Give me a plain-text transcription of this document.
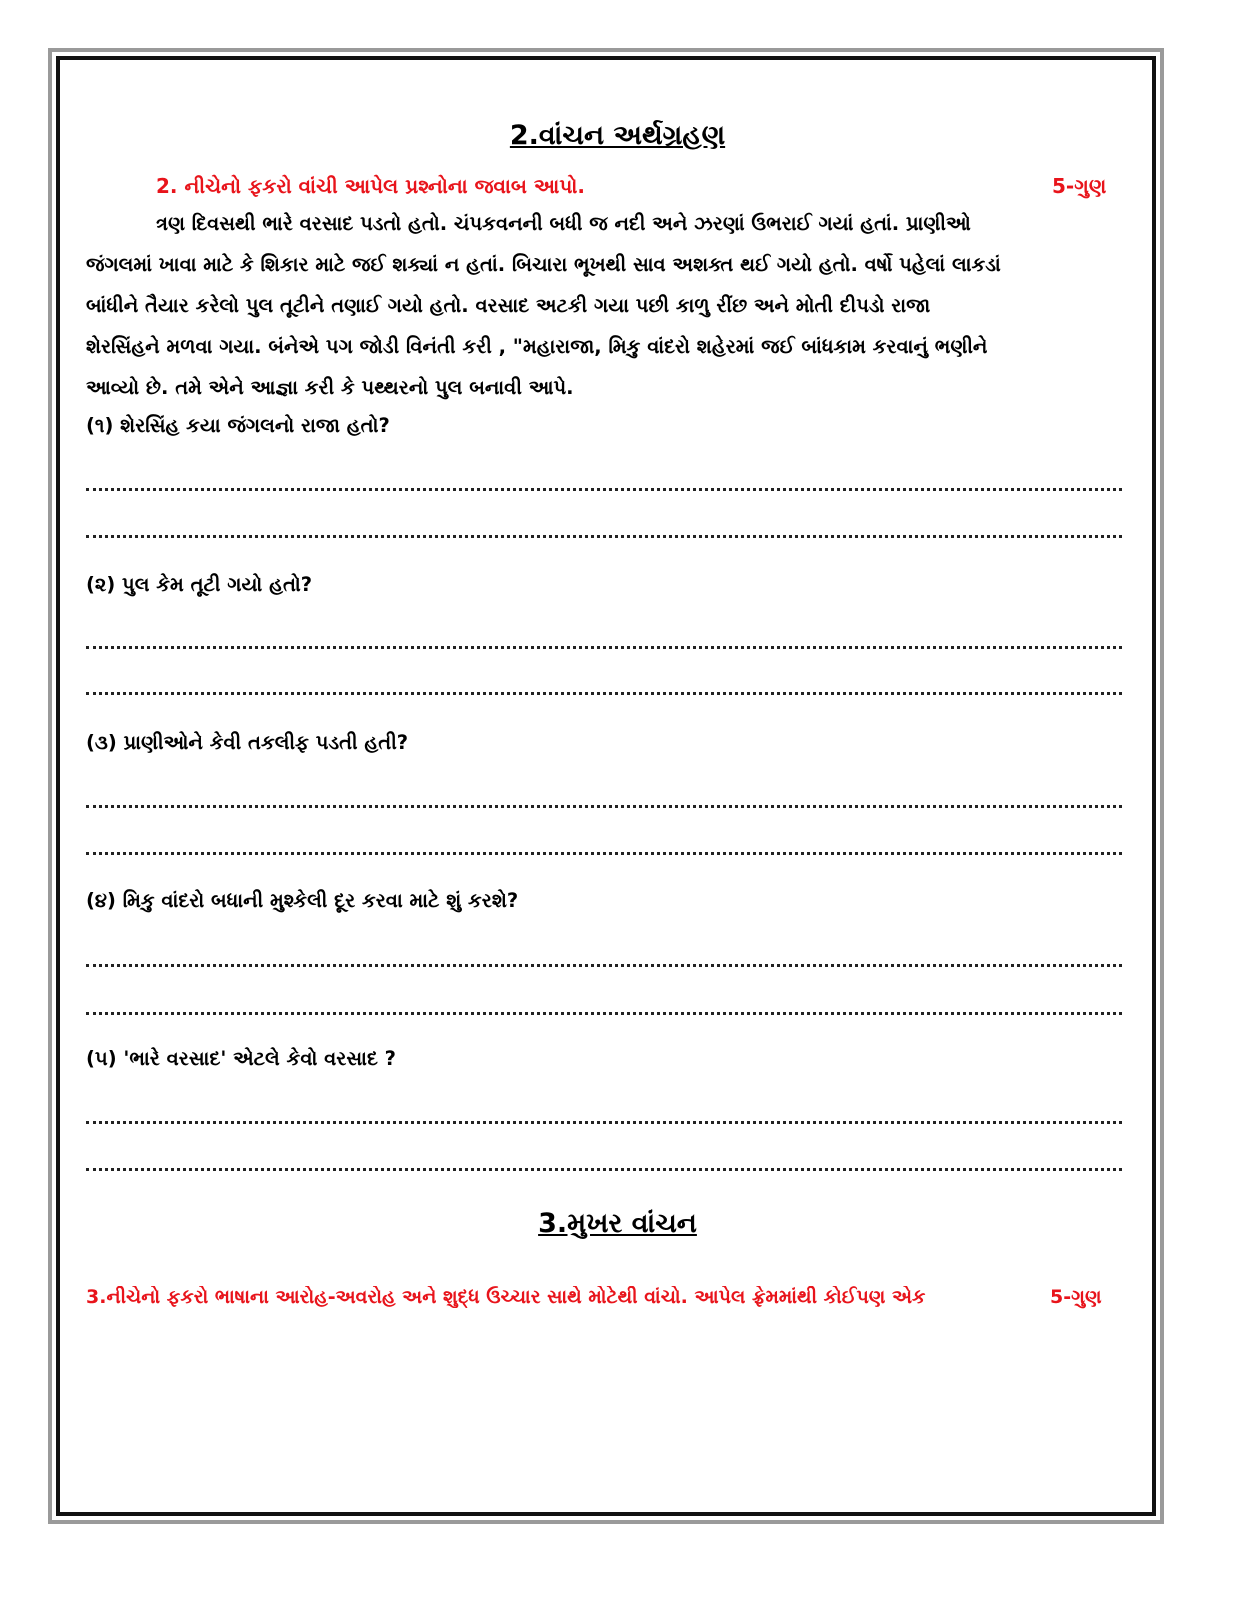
2.વાંચન અર્થગ્રહણ
2. નીચેનો ફકરો વાંચી આપેલ પ્રશ્નોના જવાબ આપો.	5-ગુણ
ત્રણ દિવસથી ભારે વરસાદ પડતો હતો. ચંપકવનની બધી જ નદી અને ઝરણાં ઉભરાઈ ગયાં હતાં. પ્રાણીઓ
જંગલમાં ખાવા માટે કે શિકાર માટે જઈ શક્યાં ન હતાં. બિચારા ભૂખથી સાવ અશક્ત થઈ ગયો હતો. વર્ષો પહેલાં લાકડાં
બાંધીને તૈયાર કરેલો પુલ તૂટીને તણાઈ ગયો હતો. વરસાદ અટકી ગયા પછી કાળુ રીંછ અને મોતી દીપડો રાજા
શેરસિંહને મળવા ગયા. બંનેએ પગ જોડી વિનંતી કરી , "મહારાજા, મિકુ વાંદરો શહેરમાં જઈ બાંધકામ કરવાનું ભણીને
આવ્યો છે. તમે એને આજ્ઞા કરી કે પથ્થરનો પુલ બનાવી આપે.
(૧) શેરસિંહ કયા જંગલનો રાજા હતો?
(૨) પુલ કેમ તૂટી ગયો હતો?
(૩) પ્રાણીઓને કેવી તકલીફ પડતી હતી?
(૪) મિકુ વાંદરો બધાની મુશ્કેલી દૂર કરવા માટે શું કરશે?
(૫) 'ભારે વરસાદ' એટલે કેવો વરસાદ ?
3.મુખર વાંચન
3.નીચેનો ફકરો ભાષાના આરોહ-અવરોહ અને શુદ્ધ ઉચ્ચાર સાથે મોટેથી વાંચો. આપેલ ફ્રેમમાંથી કોઈપણ એક	5-ગુણ
